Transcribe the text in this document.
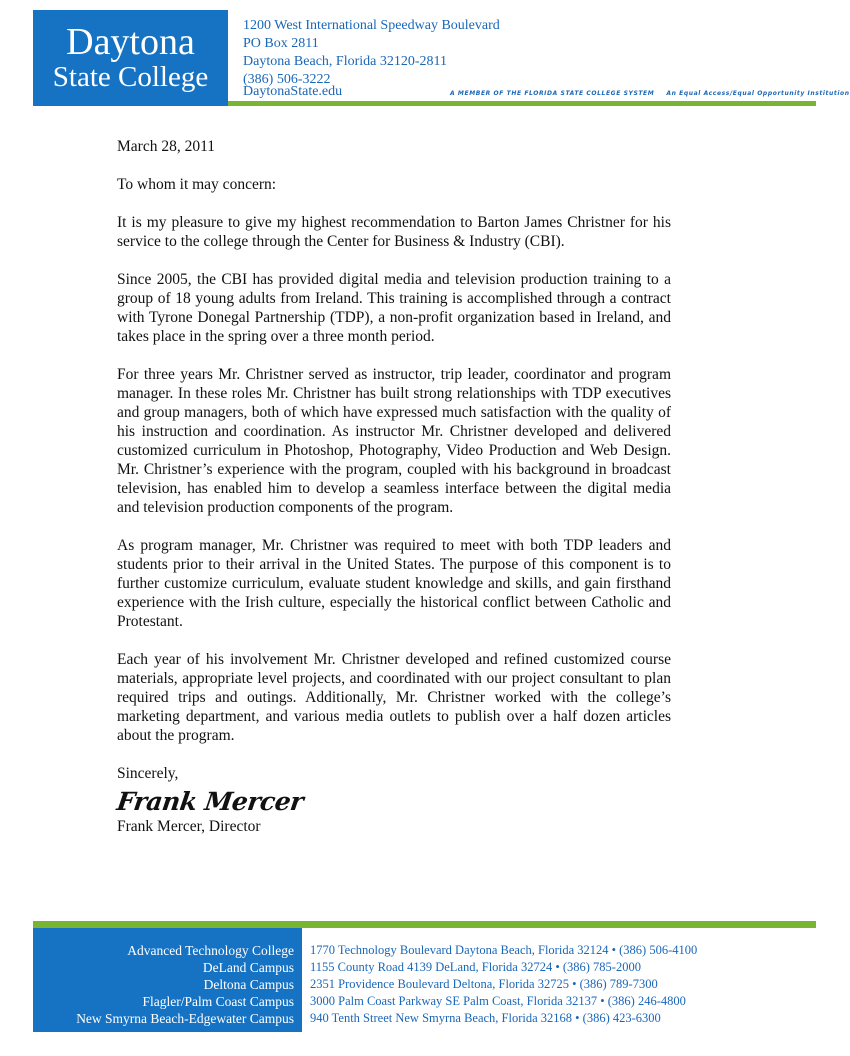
Daytona
State College
1200 West International Speedway Boulevard
PO Box 2811
Daytona Beach, Florida 32120-2811
(386) 506-3222
DaytonaState.edu	A MEMBER OF THE FLORIDA STATE COLLEGE SYSTEM An Equal Access/Equal Opportunity Institution

March 28, 2011

To whom it may concern:

It is my pleasure to give my highest recommendation to Barton James Christner for his service to the college through the Center for Business & Industry (CBI).

Since 2005, the CBI has provided digital media and television production training to a group of 18 young adults from Ireland. This training is accomplished through a contract with Tyrone Donegal Partnership (TDP), a non-profit organization based in Ireland, and takes place in the spring over a three month period.

For three years Mr. Christner served as instructor, trip leader, coordinator and program manager. In these roles Mr. Christner has built strong relationships with TDP executives and group managers, both of which have expressed much satisfaction with the quality of his instruction and coordination. As instructor Mr. Christner developed and delivered customized curriculum in Photoshop, Photography, Video Production and Web Design. Mr. Christner’s experience with the program, coupled with his background in broadcast television, has enabled him to develop a seamless interface between the digital media and television production components of the program.

As program manager, Mr. Christner was required to meet with both TDP leaders and students prior to their arrival in the United States. The purpose of this component is to further customize curriculum, evaluate student knowledge and skills, and gain firsthand experience with the Irish culture, especially the historical conflict between Catholic and Protestant.

Each year of his involvement Mr. Christner developed and refined customized course materials, appropriate level projects, and coordinated with our project consultant to plan required trips and outings. Additionally, Mr. Christner worked with the college’s marketing department, and various media outlets to publish over a half dozen articles about the program.

Sincerely,

Frank Mercer

Frank Mercer, Director

Advanced Technology College
DeLand Campus
Deltona Campus
Flagler/Palm Coast Campus
New Smyrna Beach-Edgewater Campus
1770 Technology Boulevard Daytona Beach, Florida 32124 • (386) 506-4100
1155 County Road 4139 DeLand, Florida 32724 • (386) 785-2000
2351 Providence Boulevard Deltona, Florida 32725 • (386) 789-7300
3000 Palm Coast Parkway SE Palm Coast, Florida 32137 • (386) 246-4800
940 Tenth Street New Smyrna Beach, Florida 32168 • (386) 423-6300
